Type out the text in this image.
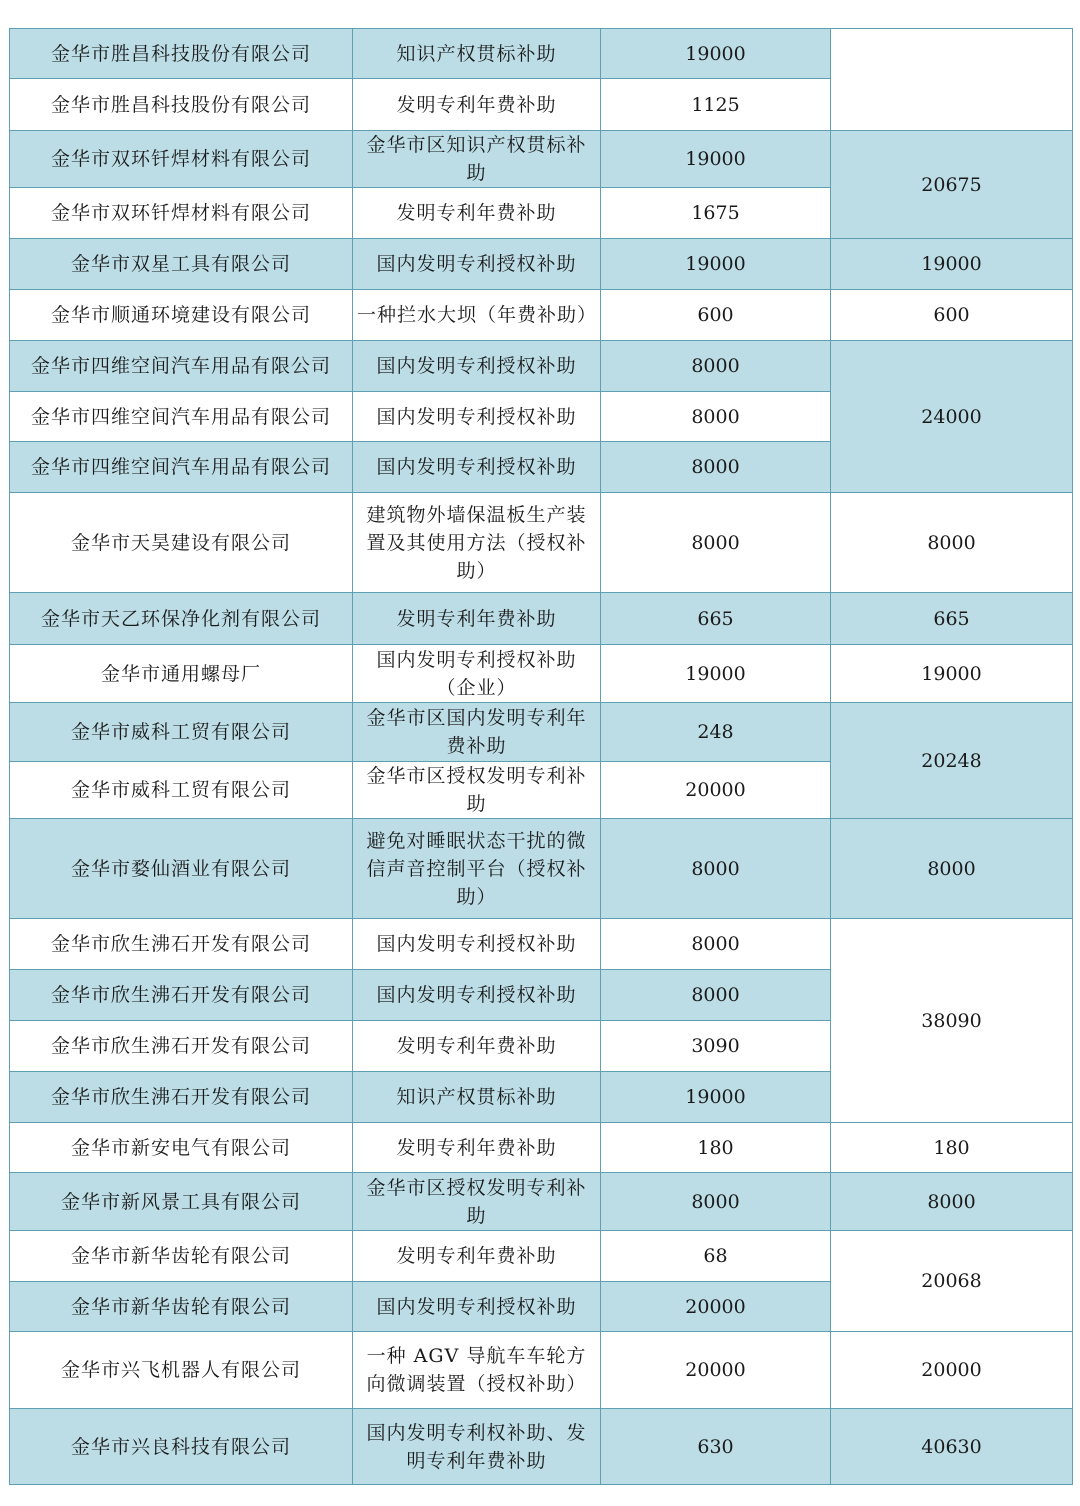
金华市胜昌科技股份有限公司	知识产权贯标补助	19000	
金华市胜昌科技股份有限公司	发明专利年费补助	1125	
金华市双环钎焊材料有限公司	金华市区知识产权贯标补助	19000	20675
金华市双环钎焊材料有限公司	发明专利年费补助	1675	
金华市双星工具有限公司	国内发明专利授权补助	19000	19000
金华市顺通环境建设有限公司	一种拦水大坝（年费补助）	600	600
金华市四维空间汽车用品有限公司	国内发明专利授权补助	8000	24000
金华市四维空间汽车用品有限公司	国内发明专利授权补助	8000	
金华市四维空间汽车用品有限公司	国内发明专利授权补助	8000	
金华市天昊建设有限公司	建筑物外墙保温板生产装置及其使用方法（授权补助）	8000	8000
金华市天乙环保净化剂有限公司	发明专利年费补助	665	665
金华市通用螺母厂	国内发明专利授权补助（企业）	19000	19000
金华市威科工贸有限公司	金华市区国内发明专利年费补助	248	20248
金华市威科工贸有限公司	金华市区授权发明专利补助	20000	
金华市婺仙酒业有限公司	避免对睡眠状态干扰的微信声音控制平台（授权补助）	8000	8000
金华市欣生沸石开发有限公司	国内发明专利授权补助	8000	38090
金华市欣生沸石开发有限公司	国内发明专利授权补助	8000	
金华市欣生沸石开发有限公司	发明专利年费补助	3090	
金华市欣生沸石开发有限公司	知识产权贯标补助	19000	
金华市新安电气有限公司	发明专利年费补助	180	180
金华市新风景工具有限公司	金华市区授权发明专利补助	8000	8000
金华市新华齿轮有限公司	发明专利年费补助	68	20068
金华市新华齿轮有限公司	国内发明专利授权补助	20000	
金华市兴飞机器人有限公司	一种 AGV 导航车车轮方向微调装置（授权补助）	20000	20000
金华市兴良科技有限公司	国内发明专利权补助、发明专利年费补助	630	40630
